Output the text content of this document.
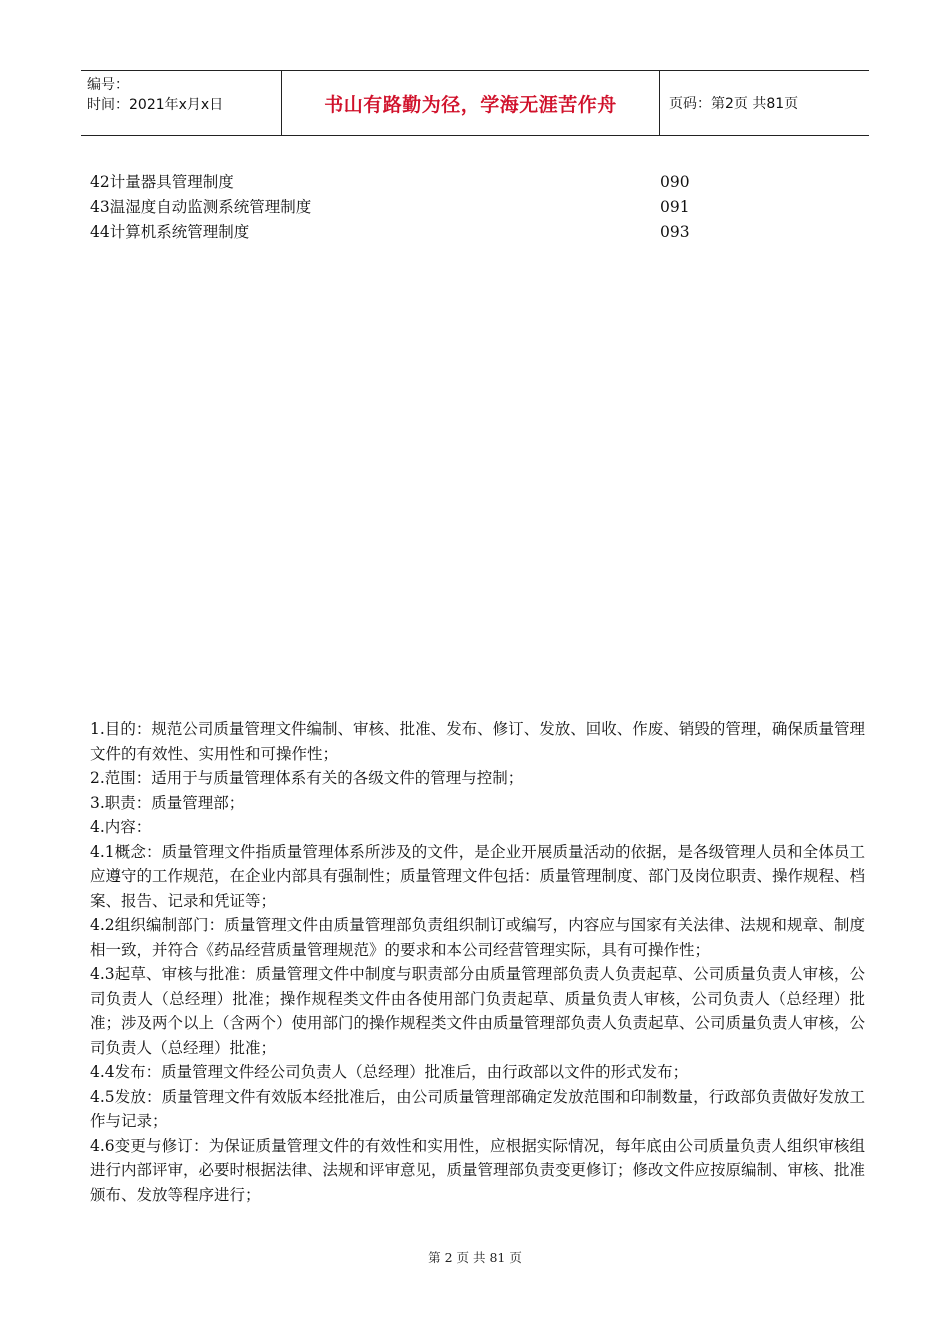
编号：
时间：2021年x月x日	书山有路勤为径，学海无涯苦作舟	页码：第2页 共81页
42计量器具管理制度	090
43温湿度自动监测系统管理制度	091
44计算机系统管理制度	093

1.目的：规范公司质量管理文件编制、审核、批准、发布、修订、发放、回收、作废、销毁的管理，确保质量管理文件的有效性、实用性和可操作性；

2.范围：适用于与质量管理体系有关的各级文件的管理与控制；

3.职责：质量管理部；

4.内容：

4.1概念：质量管理文件指质量管理体系所涉及的文件，是企业开展质量活动的依据，是各级管理人员和全体员工应遵守的工作规范，在企业内部具有强制性；质量管理文件包括：质量管理制度、部门及岗位职责、操作规程、档案、报告、记录和凭证等；

4.2组织编制部门：质量管理文件由质量管理部负责组织制订或编写，内容应与国家有关法律、法规和规章、制度相一致，并符合《药品经营质量管理规范》的要求和本公司经营管理实际，具有可操作性；

4.3起草、审核与批准：质量管理文件中制度与职责部分由质量管理部负责人负责起草、公司质量负责人审核，公司负责人（总经理）批准；操作规程类文件由各使用部门负责起草、质量负责人审核，公司负责人（总经理）批准；涉及两个以上（含两个）使用部门的操作规程类文件由质量管理部负责人负责起草、公司质量负责人审核，公司负责人（总经理）批准；

4.4发布：质量管理文件经公司负责人（总经理）批准后，由行政部以文件的形式发布；

4.5发放：质量管理文件有效版本经批准后，由公司质量管理部确定发放范围和印制数量，行政部负责做好发放工作与记录；

4.6变更与修订：为保证质量管理文件的有效性和实用性，应根据实际情况，每年底由公司质量负责人组织审核组进行内部评审，必要时根据法律、法规和评审意见，质量管理部负责变更修订；修改文件应按原编制、审核、批准颁布、发放等程序进行；

第 2 页 共 81 页
